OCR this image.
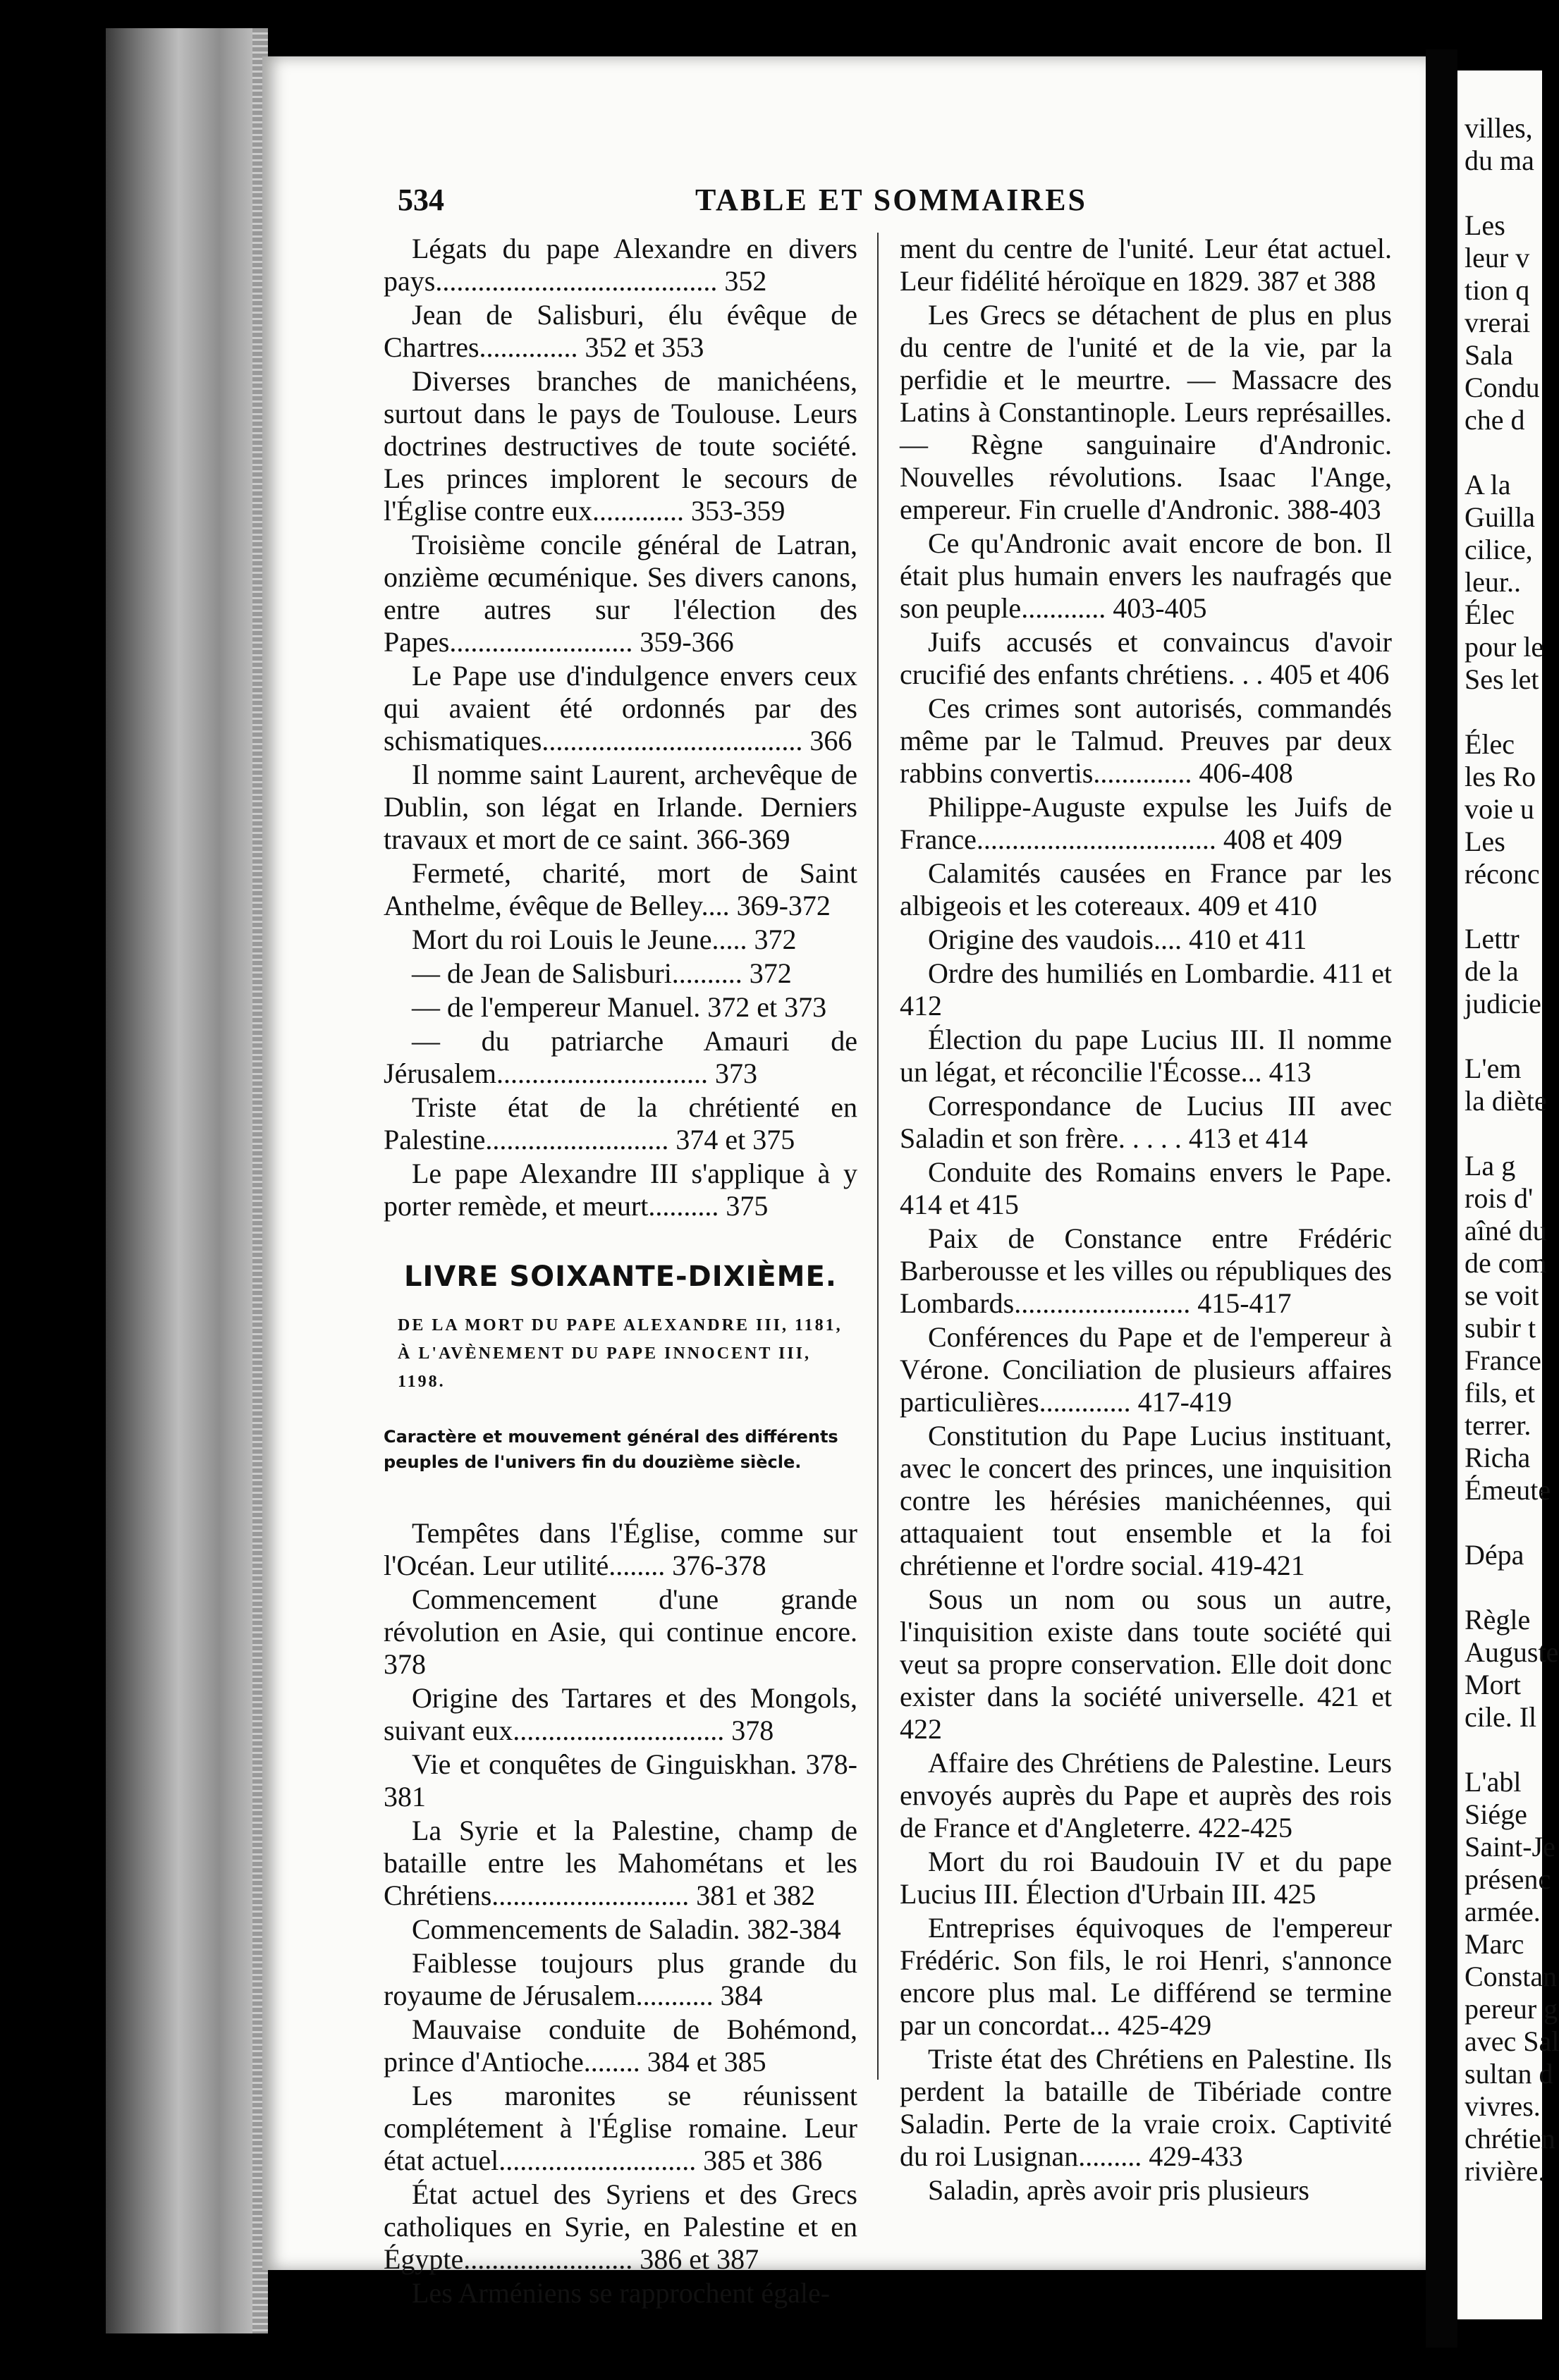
534	TABLE ET SOMMAIRES

Légats du pape Alexandre en divers pays........................................ 352

Jean de Salisburi, élu évêque de Chartres.............. 352 et 353

Diverses branches de manichéens, surtout dans le pays de Toulouse. Leurs doctrines destructives de toute société. Les princes implorent le secours de l'Église contre eux............. 353-359

Troisième concile général de Latran, onzième œcuménique. Ses divers canons, entre autres sur l'élection des Papes.......................... 359-366

Le Pape use d'indulgence envers ceux qui avaient été ordonnés par des schismatiques..................................... 366

Il nomme saint Laurent, archevêque de Dublin, son légat en Irlande. Derniers travaux et mort de ce saint. 366-369

Fermeté, charité, mort de Saint Anthelme, évêque de Belley.... 369-372

Mort du roi Louis le Jeune..... 372

— de Jean de Salisburi.......... 372

— de l'empereur Manuel. 372 et 373

— du patriarche Amauri de Jérusalem.............................. 373

Triste état de la chrétienté en Palestine.......................... 374 et 375

Le pape Alexandre III s'applique à y porter remède, et meurt.......... 375

LIVRE SOIXANTE-DIXIÈME.
DE LA MORT DU PAPE ALEXANDRE III, 1181, À L'AVÈNEMENT DU PAPE INNOCENT III, 1198.
Caractère et mouvement général des différents peuples de l'univers fin du douzième siècle.

Tempêtes dans l'Église, comme sur l'Océan. Leur utilité........ 376-378

Commencement d'une grande révolution en Asie, qui continue encore. 378

Origine des Tartares et des Mongols, suivant eux.............................. 378

Vie et conquêtes de Ginguiskhan. 378-381

La Syrie et la Palestine, champ de bataille entre les Mahométans et les Chrétiens............................ 381 et 382

Commencements de Saladin. 382-384

Faiblesse toujours plus grande du royaume de Jérusalem........... 384

Mauvaise conduite de Bohémond, prince d'Antioche........ 384 et 385

Les maronites se réunissent complétement à l'Église romaine. Leur état actuel............................ 385 et 386

État actuel des Syriens et des Grecs catholiques en Syrie, en Palestine et en Égypte........................ 386 et 387

Les Arméniens se rapprochent égale-

ment du centre de l'unité. Leur état actuel. Leur fidélité héroïque en 1829. 387 et 388

Les Grecs se détachent de plus en plus du centre de l'unité et de la vie, par la perfidie et le meurtre. — Massacre des Latins à Constantinople. Leurs représailles. — Règne sanguinaire d'Andronic. Nouvelles révolutions. Isaac l'Ange, empereur. Fin cruelle d'Andronic. 388-403

Ce qu'Andronic avait encore de bon. Il était plus humain envers les naufragés que son peuple............ 403-405

Juifs accusés et convaincus d'avoir crucifié des enfants chrétiens. . . 405 et 406

Ces crimes sont autorisés, commandés même par le Talmud. Preuves par deux rabbins convertis.............. 406-408

Philippe-Auguste expulse les Juifs de France.................................. 408 et 409

Calamités causées en France par les albigeois et les cotereaux. 409 et 410

Origine des vaudois.... 410 et 411

Ordre des humiliés en Lombardie. 411 et 412

Élection du pape Lucius III. Il nomme un légat, et réconcilie l'Écosse... 413

Correspondance de Lucius III avec Saladin et son frère. . . . . 413 et 414

Conduite des Romains envers le Pape. 414 et 415

Paix de Constance entre Frédéric Barberousse et les villes ou républiques des Lombards......................... 415-417

Conférences du Pape et de l'empereur à Vérone. Conciliation de plusieurs affaires particulières............. 417-419

Constitution du Pape Lucius instituant, avec le concert des princes, une inquisition contre les hérésies manichéennes, qui attaquaient tout ensemble et la foi chrétienne et l'ordre social. 419-421

Sous un nom ou sous un autre, l'inquisition existe dans toute société qui veut sa propre conservation. Elle doit donc exister dans la société universelle. 421 et 422

Affaire des Chrétiens de Palestine. Leurs envoyés auprès du Pape et auprès des rois de France et d'Angleterre. 422-425

Mort du roi Baudouin IV et du pape Lucius III. Élection d'Urbain III. 425

Entreprises équivoques de l'empereur Frédéric. Son fils, le roi Henri, s'annonce encore plus mal. Le différend se termine par un concordat... 425-429

Triste état des Chrétiens en Palestine. Ils perdent la bataille de Tibériade contre Saladin. Perte de la vraie croix. Captivité du roi Lusignan......... 429-433

Saladin, après avoir pris plusieurs

villes,
du ma
Les
leur v
tion q
vrerai
Sala
Condu
che d
A la
Guilla
cilice,
leur..
Élec
pour le
Ses let
Élec
les Ro
voie u
Les
réconc
Lettr
de la
judicie
L'em
la diète
La g
rois d'
aîné du
de com
se voit
subir t
France
fils, et
terrer.
Richa
Émeute
Dépa
Règle
Auguste
Mort
cile. Il
L'abl
Siége
Saint-Je
présenc
armée.
Marc
Constan
pereur g
avec Sal
sultan d
vivres.
chrétien
rivière.
